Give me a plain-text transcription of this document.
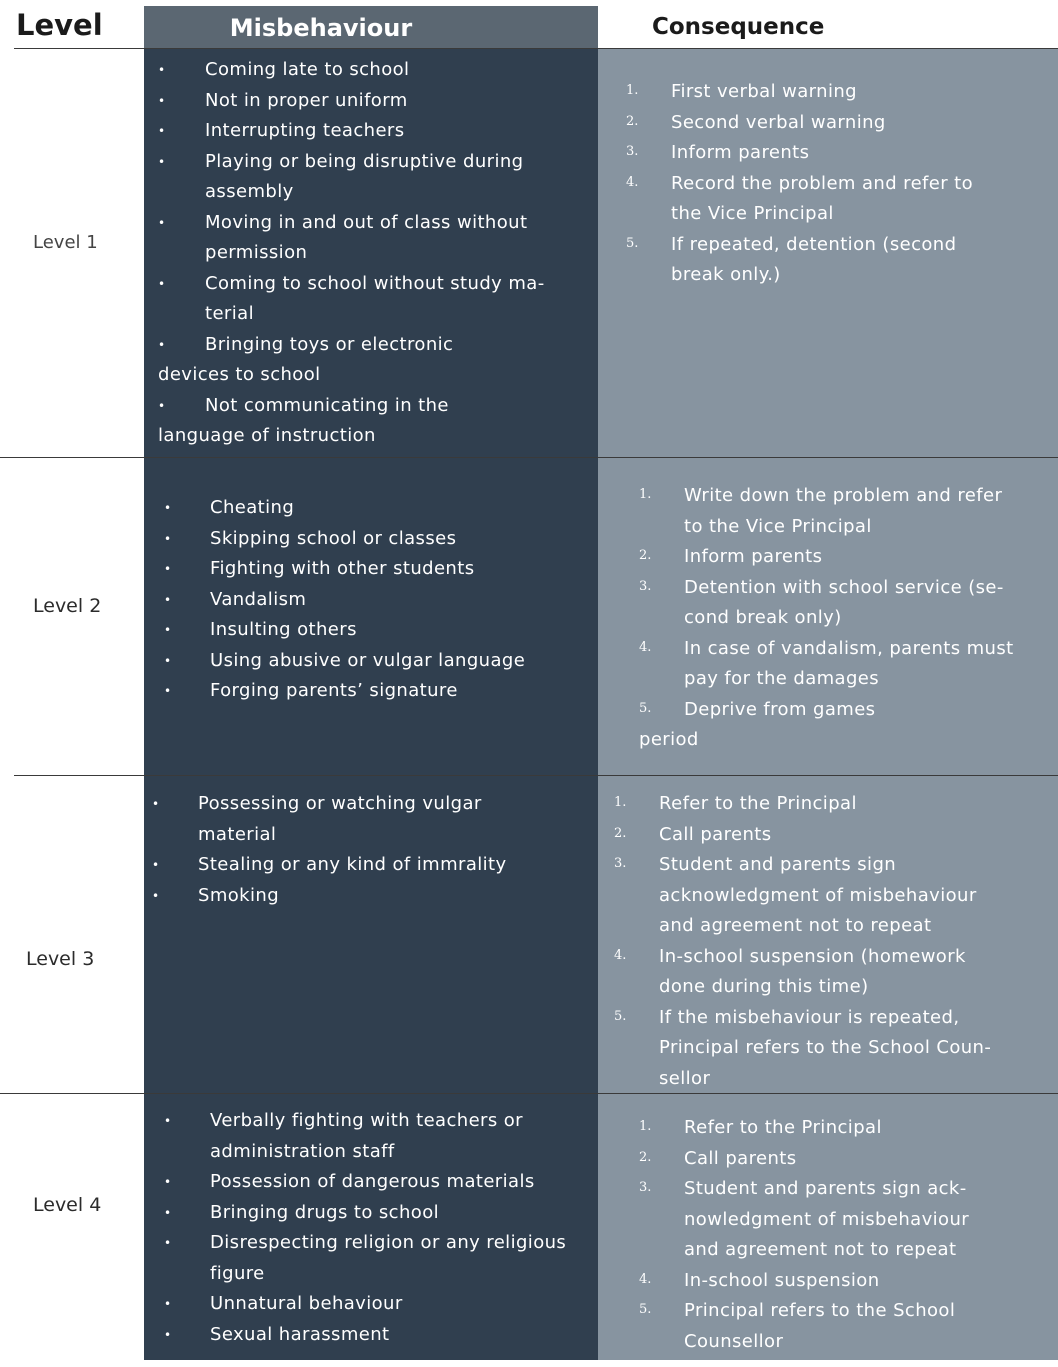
Level	Misbehaviour	Consequence
Level 1
Level 2
Level 3
Level 4
• Coming late to school
• Not in proper uniform
• Interrupting teachers
• Playing or being disruptive during
assembly
• Moving in and out of class without
permission
• Coming to school without study ma-
terial
• Bringing toys or electronic
devices to school
• Not communicating in the
language of instruction
1. First verbal warning
2. Second verbal warning
3. Inform parents
4. Record the problem and refer to
the Vice Principal
5. If repeated, detention (second
break only.)
• Cheating
• Skipping school or classes
• Fighting with other students
• Vandalism
• Insulting others
• Using abusive or vulgar language
• Forging parents’ signature
1. Write down the problem and refer
to the Vice Principal
2. Inform parents
3. Detention with school service (se-
cond break only)
4. In case of vandalism, parents must
pay for the damages
5. Deprive from games
period
• Possessing or watching vulgar
material
• Stealing or any kind of immrality
• Smoking
1. Refer to the Principal
2. Call parents
3. Student and parents sign
acknowledgment of misbehaviour
and agreement not to repeat
4. In-school suspension (homework
done during this time)
5. If the misbehaviour is repeated,
Principal refers to the School Coun-
sellor
• Verbally fighting with teachers or
administration staff
• Possession of dangerous materials
• Bringing drugs to school
• Disrespecting religion or any religious
figure
• Unnatural behaviour
• Sexual harassment
1. Refer to the Principal
2. Call parents
3. Student and parents sign ack-
nowledgment of misbehaviour
and agreement not to repeat
4. In-school suspension
5. Principal refers to the School
Counsellor
